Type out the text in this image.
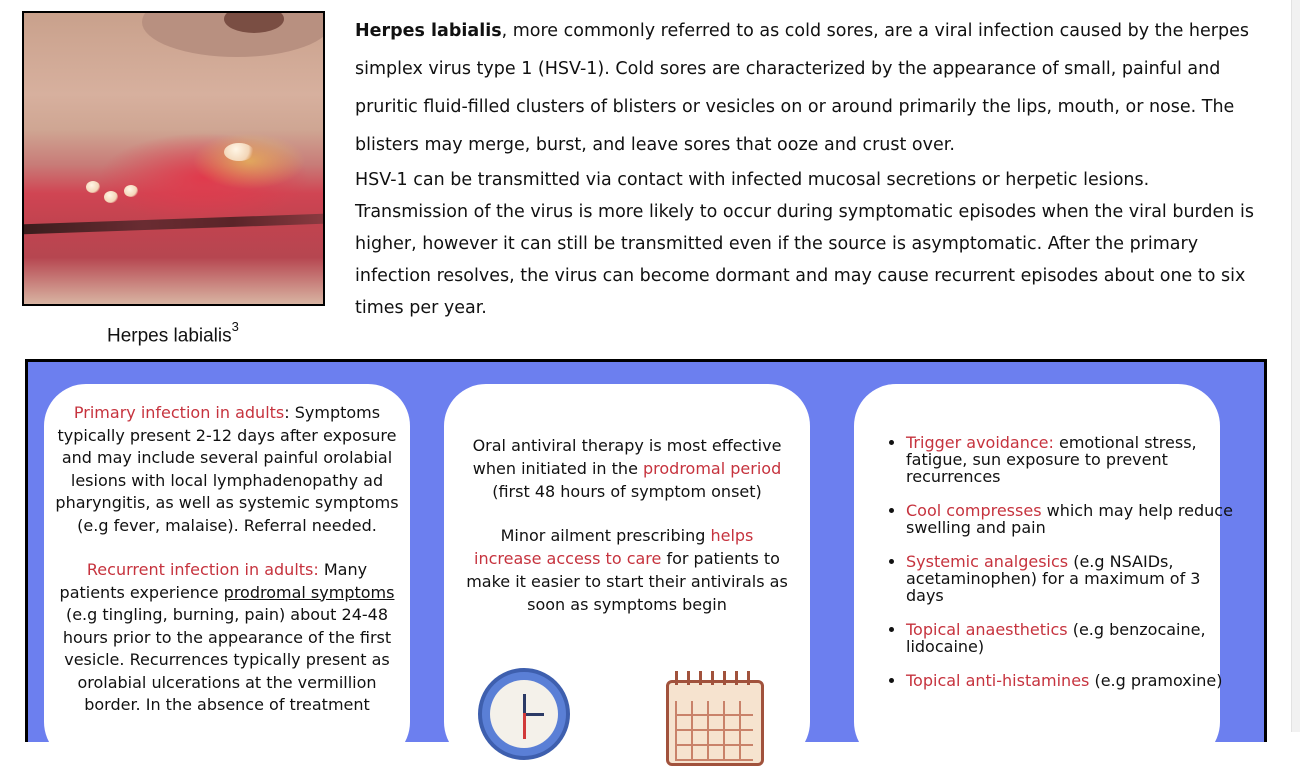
Herpes labialis$^3$

Herpes labialis, more commonly referred to as cold sores, are a viral infection caused by the herpes simplex virus type 1 (HSV-1). Cold sores are characterized by the appearance of small, painful and pruritic fluid-filled clusters of blisters or vesicles on or around primarily the lips, mouth, or nose. The blisters may merge, burst, and leave sores that ooze and crust over.

HSV-1 can be transmitted via contact with infected mucosal secretions or herpetic lesions. Transmission of the virus is more likely to occur during symptomatic episodes when the viral burden is higher, however it can still be transmitted even if the source is asymptomatic. After the primary infection resolves, the virus can become dormant and may cause recurrent episodes about one to six times per year.

Primary infection in adults: Symptoms typically present 2-12 days after exposure and may include several painful orolabial lesions with local lymphadenopathy ad pharyngitis, as well as systemic symptoms (e.g fever, malaise). Referral needed.
Recurrent infection in adults: Many patients experience prodromal symptoms (e.g tingling, burning, pain) about 24-48 hours prior to the appearance of the first vesicle. Recurrences typically present as orolabial ulcerations at the vermillion border. In the absence of treatment
Oral antiviral therapy is most effective when initiated in the prodromal period (first 48 hours of symptom onset)
Minor ailment prescribing helps increase access to care for patients to make it easier to start their antivirals as soon as symptoms begin
• Trigger avoidance: emotional stress, fatigue, sun exposure to prevent recurrences
• Cool compresses which may help reduce swelling and pain
• Systemic analgesics (e.g NSAIDs, acetaminophen) for a maximum of 3 days
• Topical anaesthetics (e.g benzocaine, lidocaine)
• Topical anti-histamines (e.g pramoxine)
